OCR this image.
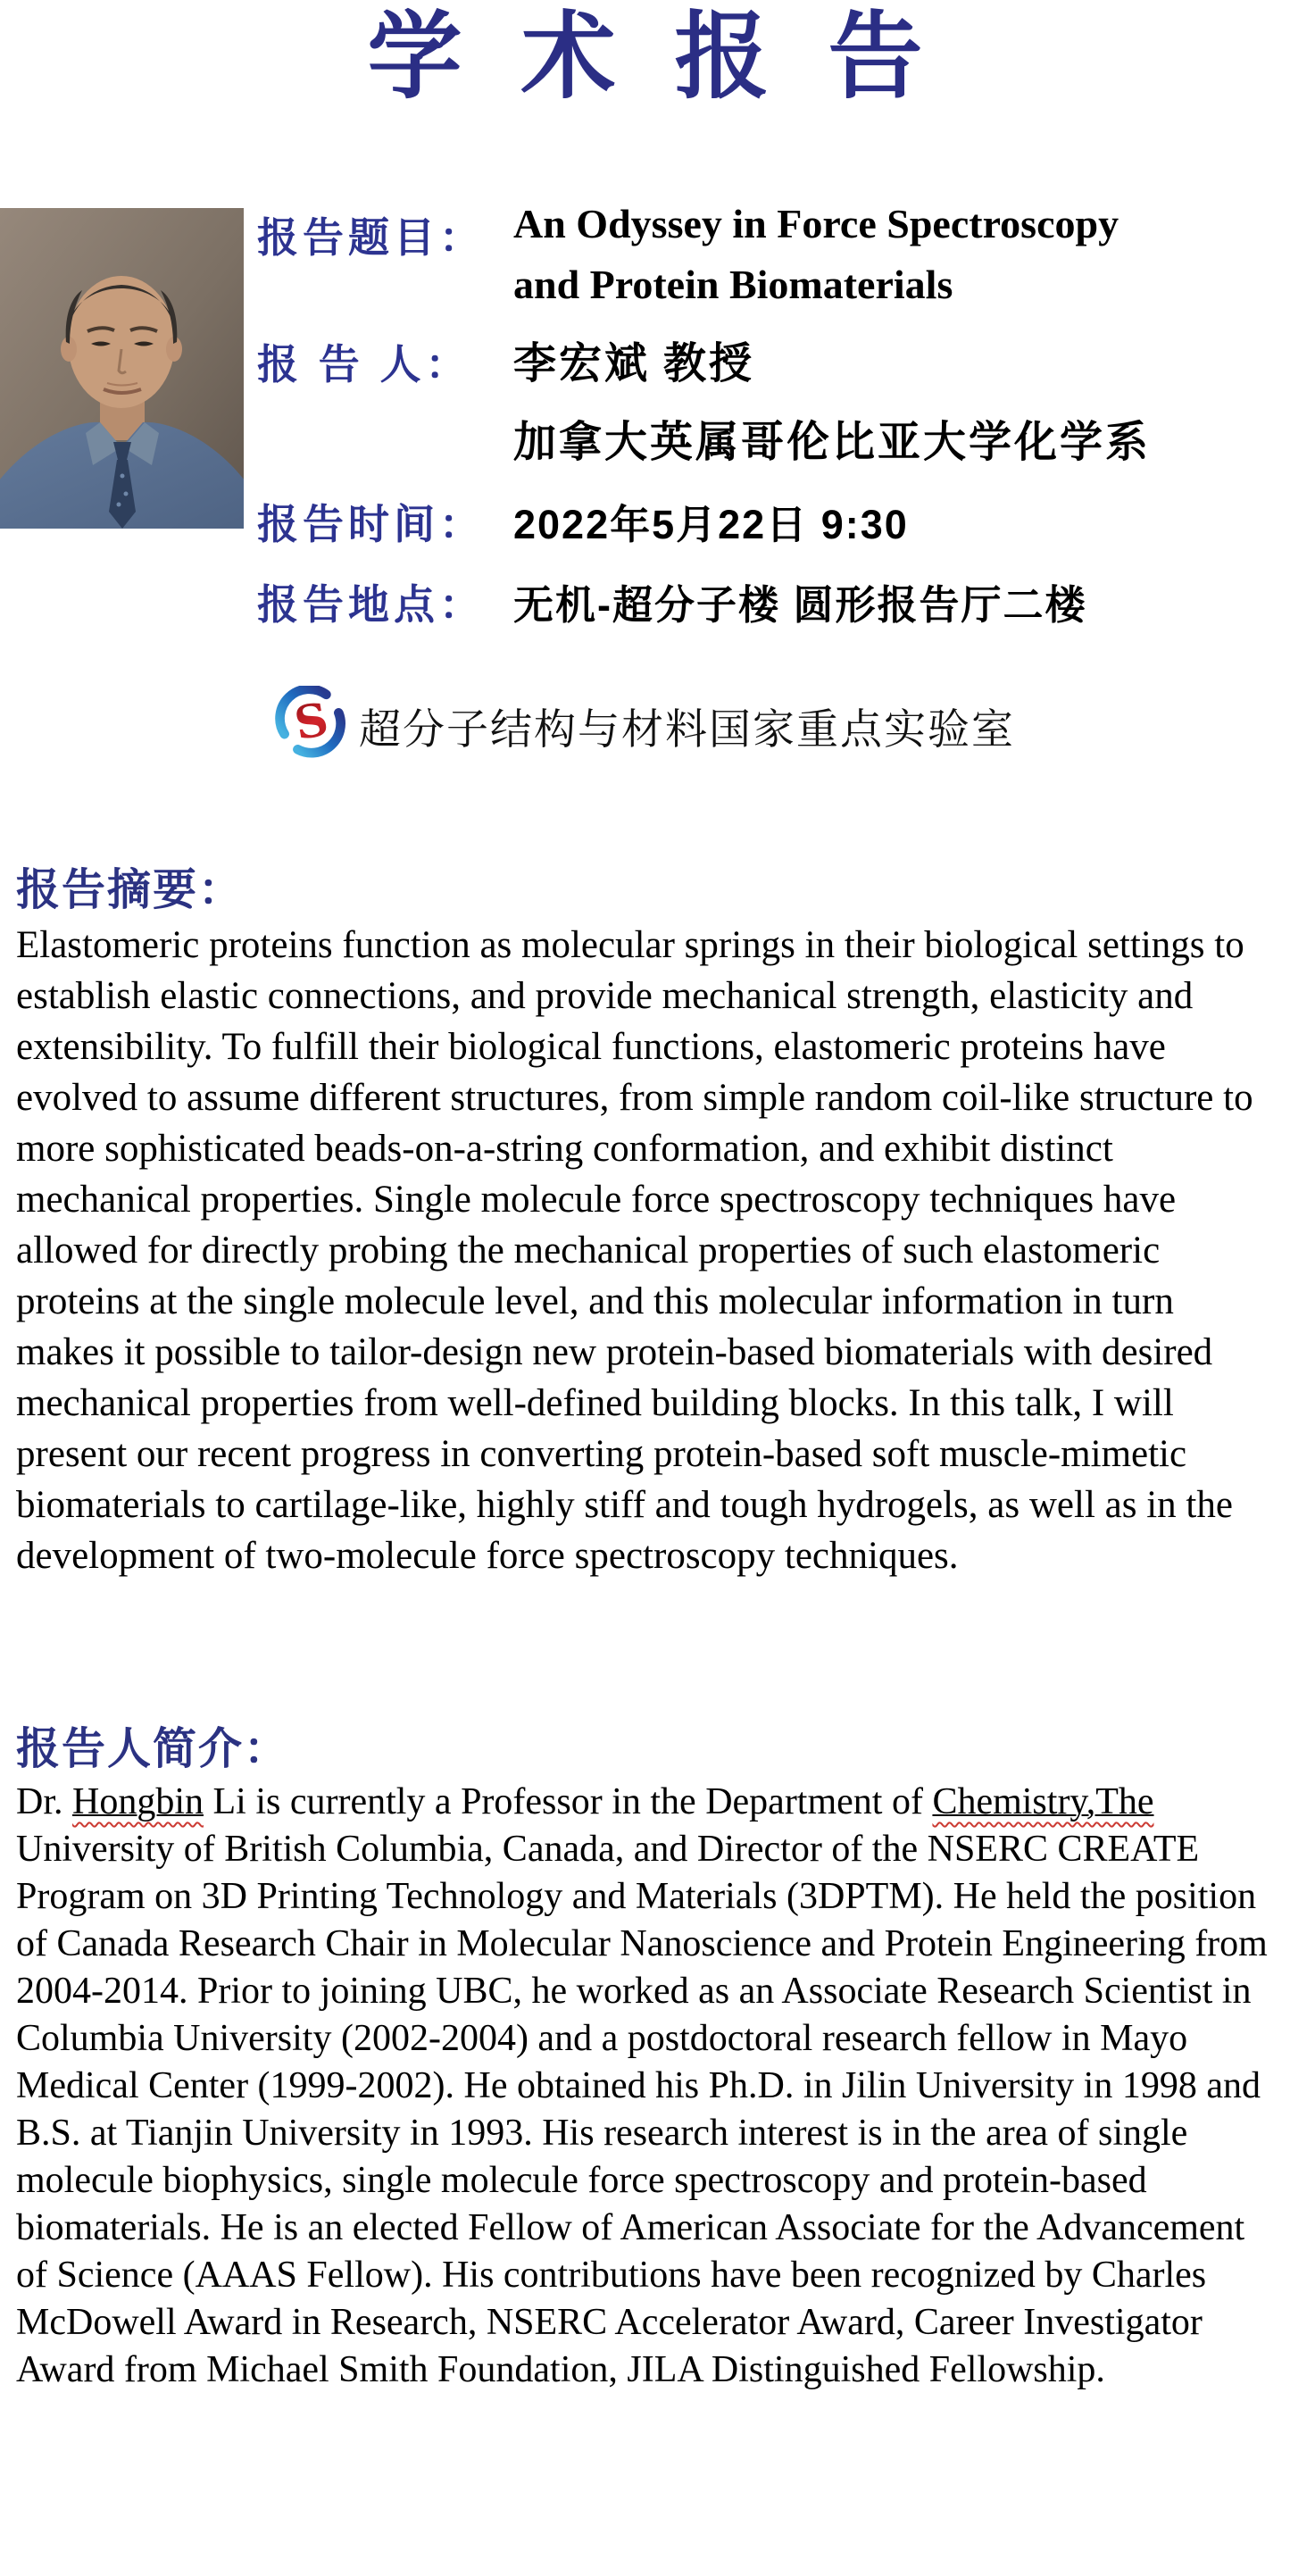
学术报告
报告题目： An Odyssey in Force Spectroscopy
and Protein Biomaterials
报 告 人： 李宏斌 教授
加拿大英属哥伦比亚大学化学系
报告时间： 2022年5月22日 9:30
报告地点： 无机-超分子楼 圆形报告厅二楼
S 超分子结构与材料国家重点实验室
报告摘要：
Elastomeric proteins function as molecular springs in their biological settings to establish elastic connections, and provide mechanical strength, elasticity and extensibility. To fulfill their biological functions, elastomeric proteins have evolved to assume different structures, from simple random coil-like structure to more sophisticated beads-on-a-string conformation, and exhibit distinct mechanical properties. Single molecule force spectroscopy techniques have allowed for directly probing the mechanical properties of such elastomeric proteins at the single molecule level, and this molecular information in turn makes it possible to tailor-design new protein-based biomaterials with desired mechanical properties from well-defined building blocks. In this talk, I will present our recent progress in converting protein-based soft muscle-mimetic biomaterials to cartilage-like, highly stiff and tough hydrogels, as well as in the development of two-molecule force spectroscopy techniques.
报告人简介：
Dr. Hongbin Li is currently a Professor in the Department of Chemistry,The University of British Columbia, Canada, and Director of the NSERC CREATE Program on 3D Printing Technology and Materials (3DPTM). He held the position of Canada Research Chair in Molecular Nanoscience and Protein Engineering from 2004-2014. Prior to joining UBC, he worked as an Associate Research Scientist in Columbia University (2002-2004) and a postdoctoral research fellow in Mayo Medical Center (1999-2002). He obtained his Ph.D. in Jilin University in 1998 and B.S. at Tianjin University in 1993. His research interest is in the area of single molecule biophysics, single molecule force spectroscopy and protein-based biomaterials. He is an elected Fellow of American Associate for the Advancement of Science (AAAS Fellow). His contributions have been recognized by Charles McDowell Award in Research, NSERC Accelerator Award, Career Investigator Award from Michael Smith Foundation, JILA Distinguished Fellowship.
